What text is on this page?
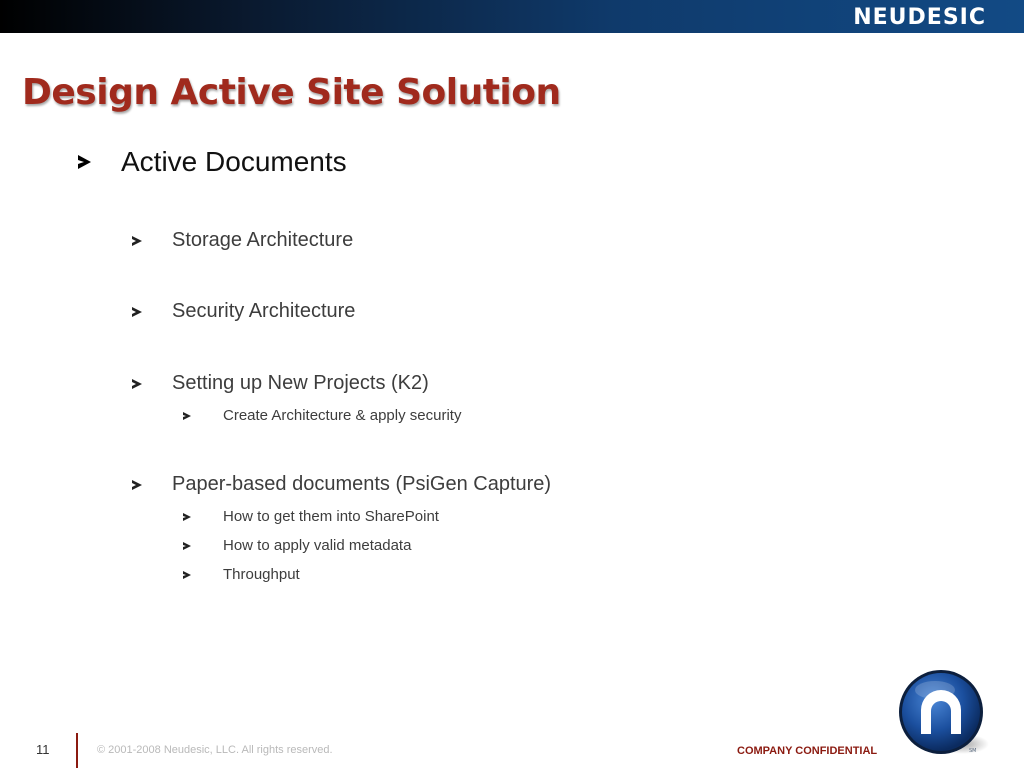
NEUDESIC
Design Active Site Solution
Active Documents
Storage Architecture
Security Architecture
Setting up New Projects (K2)
Create Architecture & apply security
Paper-based documents (PsiGen Capture)
How to get them into SharePoint
How to apply valid metadata
Throughput
11	© 2001-2008 Neudesic, LLC. All rights reserved.	COMPANY CONFIDENTIAL	SM
